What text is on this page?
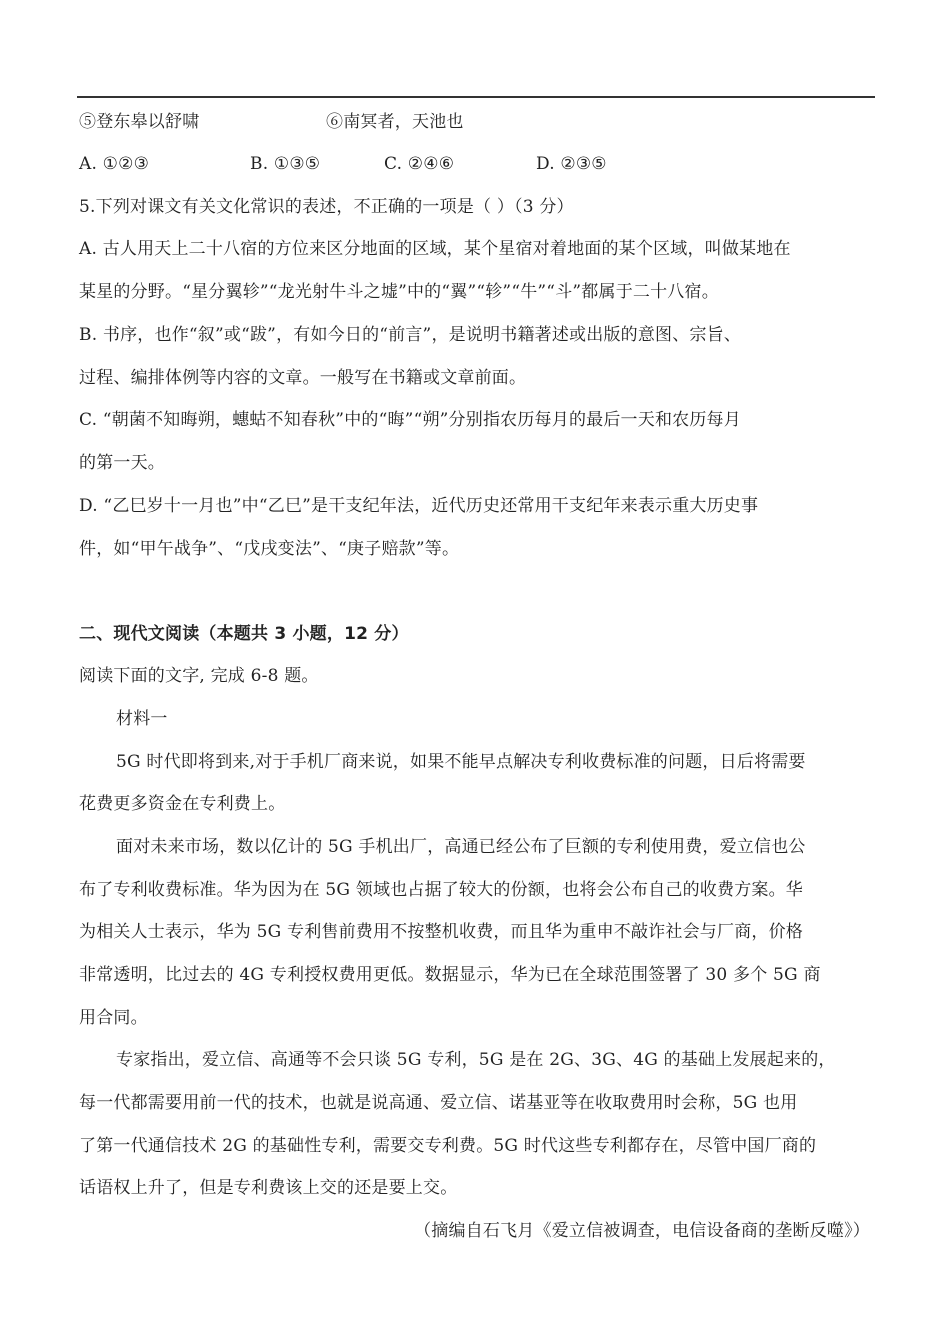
⑤登东皋以舒啸	⑥南冥者，天池也
A. ①②③	B. ①③⑤	C. ②④⑥	D. ②③⑤
5.下列对课文有关文化常识的表述，不正确的一项是（ ）（3 分）
A. 古人用天上二十八宿的方位来区分地面的区域，某个星宿对着地面的某个区域，叫做某地在
某星的分野。“星分翼轸”“龙光射牛斗之墟”中的“翼”“轸”“牛”“斗”都属于二十八宿。
B. 书序，也作“叙”或“跋”，有如今日的“前言”，是说明书籍著述或出版的意图、宗旨、
过程、编排体例等内容的文章。一般写在书籍或文章前面。
C. “朝菌不知晦朔，蟪蛄不知春秋”中的“晦”“朔”分别指农历每月的最后一天和农历每月
的第一天。
D. “乙巳岁十一月也”中“乙巳”是干支纪年法，近代历史还常用干支纪年来表示重大历史事
件，如“甲午战争”、“戊戌变法”、“庚子赔款”等。
二、现代文阅读（本题共 3 小题，12 分）
阅读下面的文字, 完成 6-8 题。
材料一
5G 时代即将到来,对于手机厂商来说，如果不能早点解决专利收费标准的问题，日后将需要
花费更多资金在专利费上。
面对未来市场，数以亿计的 5G 手机出厂，高通已经公布了巨额的专利使用费，爱立信也公
布了专利收费标准。华为因为在 5G 领域也占据了较大的份额，也将会公布自己的收费方案。华
为相关人士表示，华为 5G 专利售前费用不按整机收费，而且华为重申不敲诈社会与厂商，价格
非常透明，比过去的 4G 专利授权费用更低。数据显示，华为已在全球范围签署了 30 多个 5G 商
用合同。
专家指出，爱立信、高通等不会只谈 5G 专利，5G 是在 2G、3G、4G 的基础上发展起来的，
每一代都需要用前一代的技术，也就是说高通、爱立信、诺基亚等在收取费用时会称，5G 也用
了第一代通信技术 2G 的基础性专利，需要交专利费。5G 时代这些专利都存在，尽管中国厂商的
话语权上升了，但是专利费该上交的还是要上交。
（摘编自石飞月《爱立信被调查，电信设备商的垄断反噬》）
